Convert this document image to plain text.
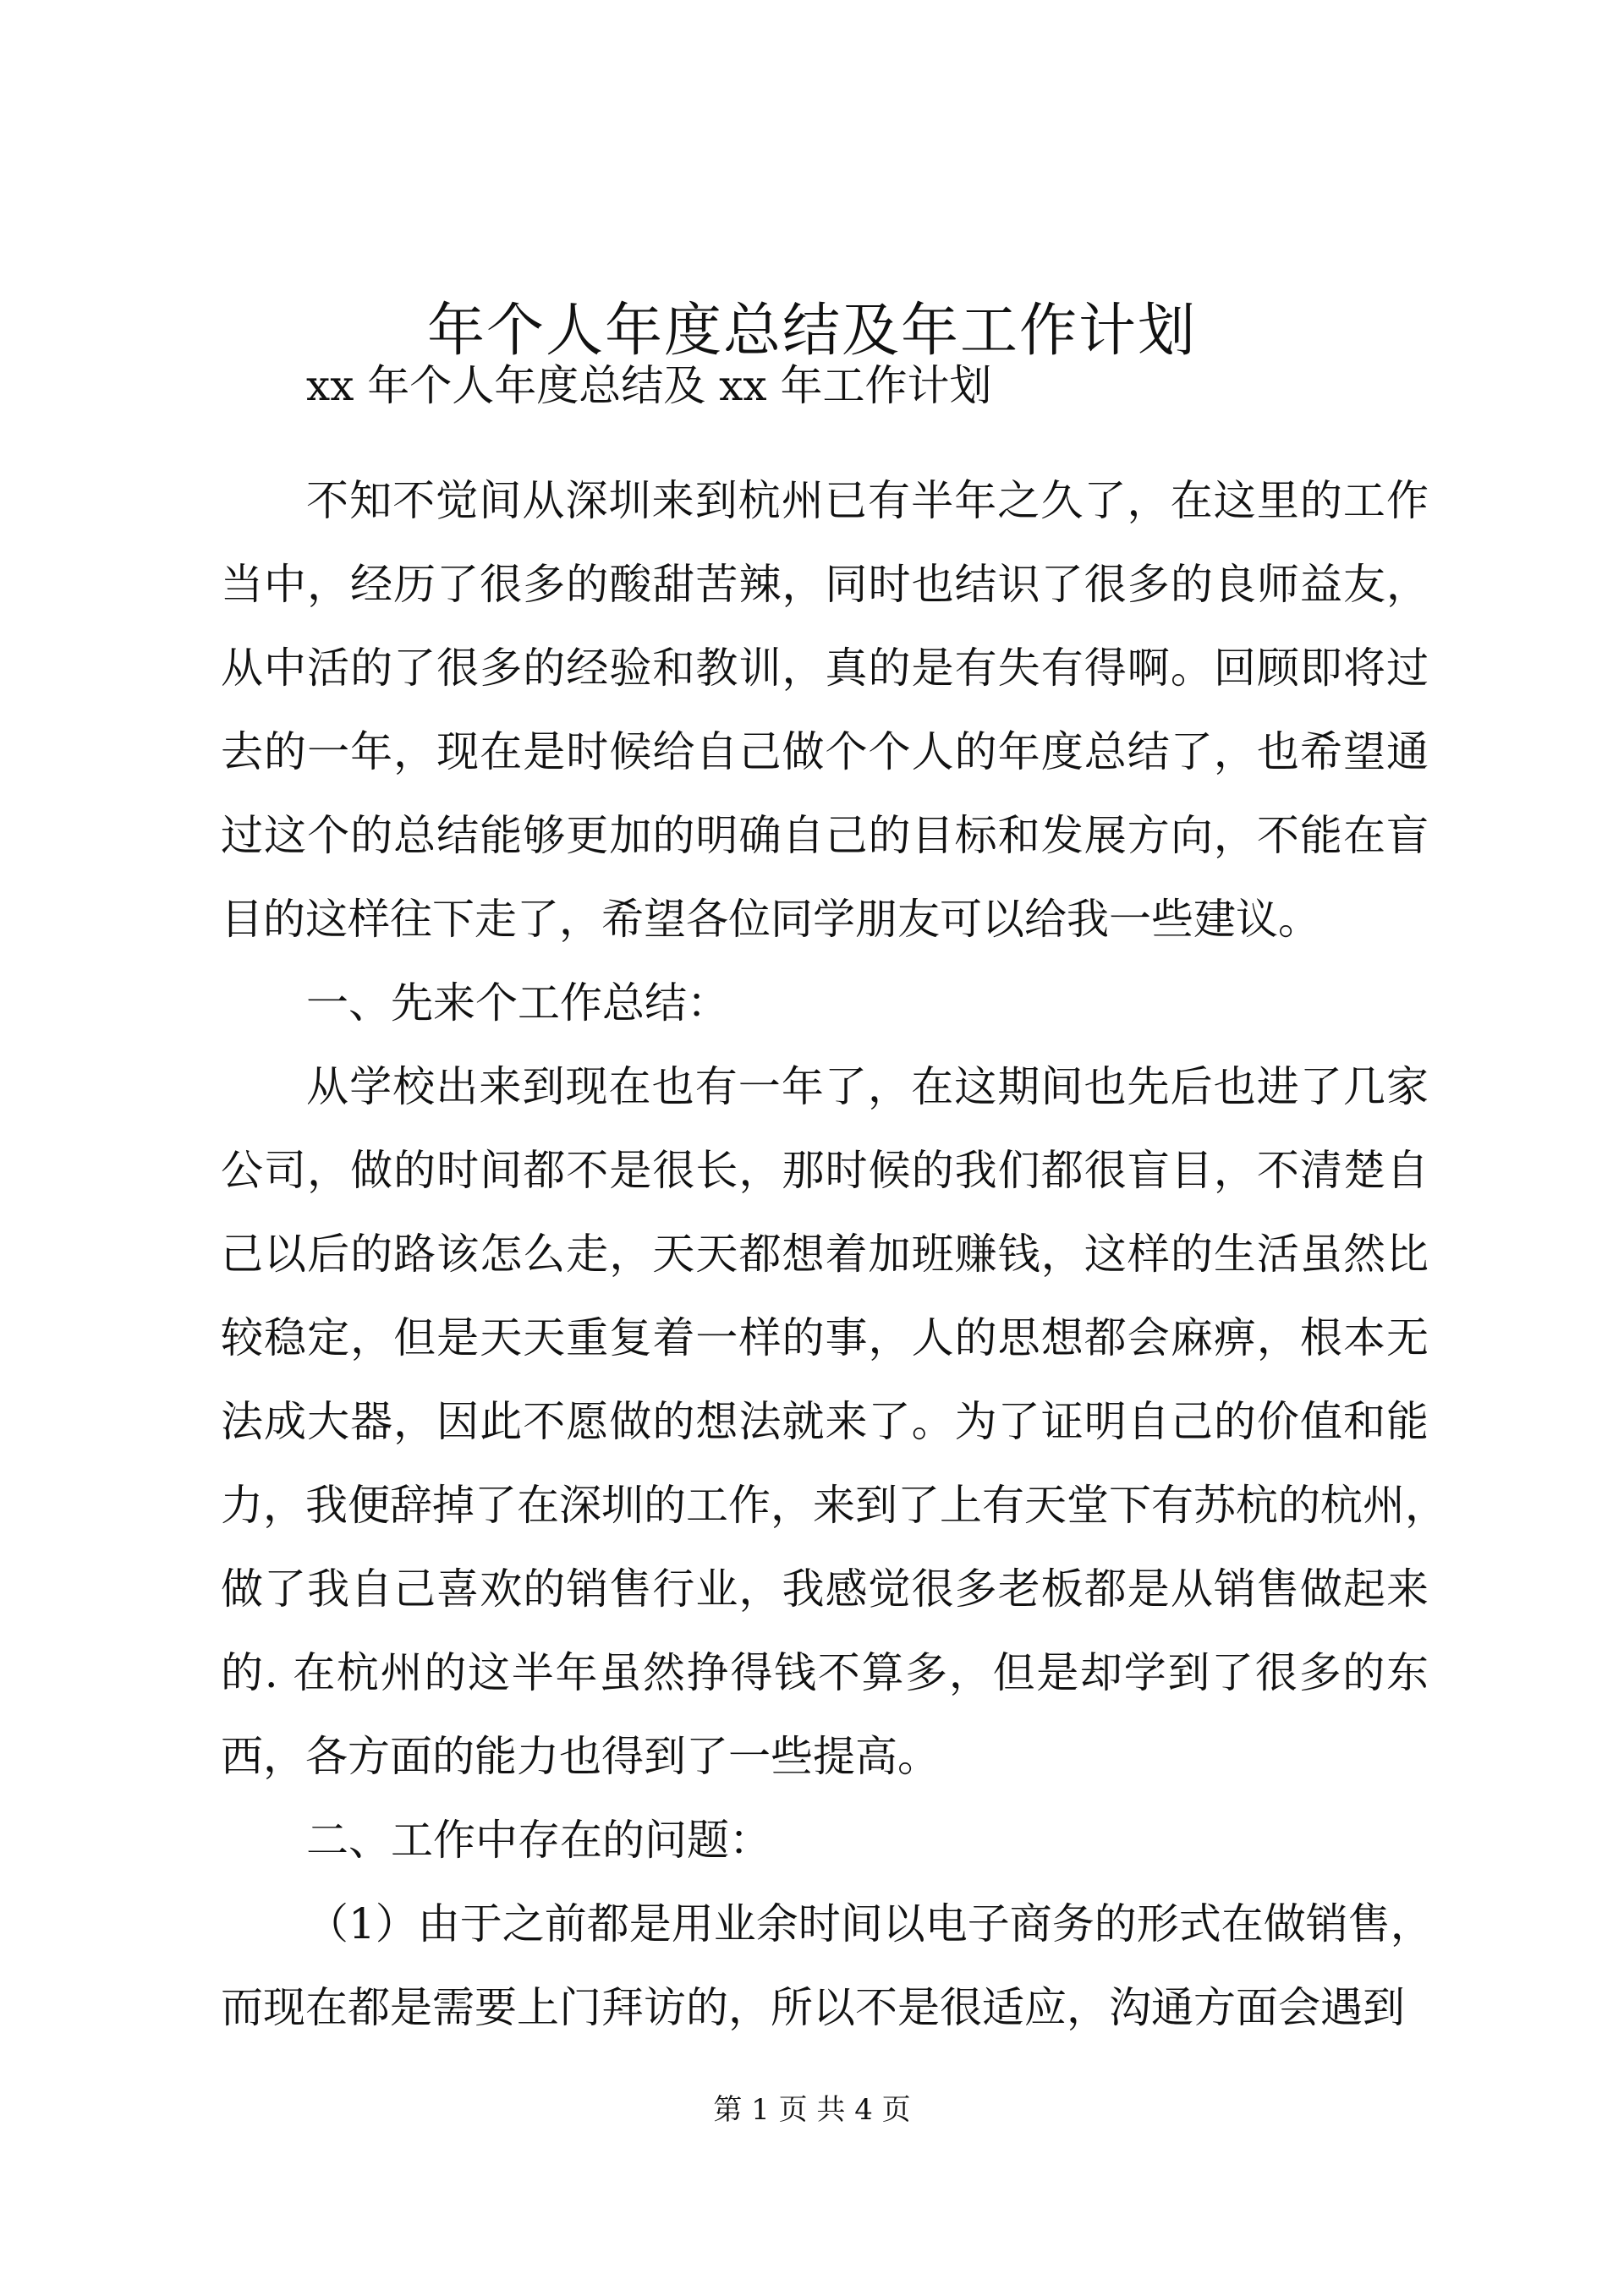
年个人年度总结及年工作计划
xx 年个人年度总结及 xx 年工作计划
不知不觉间从深圳来到杭州已有半年之久了，在这里的工作
当中，经历了很多的酸甜苦辣，同时也结识了很多的良师益友，
从中活的了很多的经验和教训，真的是有失有得啊。回顾即将过
去的一年，现在是时候给自己做个个人的年度总结了，也希望通
过这个的总结能够更加的明确自己的目标和发展方向，不能在盲
目的这样往下走了，希望各位同学朋友可以给我一些建议。
一、先来个工作总结：
从学校出来到现在也有一年了，在这期间也先后也进了几家
公司，做的时间都不是很长，那时候的我们都很盲目，不清楚自
己以后的路该怎么走，天天都想着加班赚钱，这样的生活虽然比
较稳定，但是天天重复着一样的事，人的思想都会麻痹，根本无
法成大器，因此不愿做的想法就来了。为了证明自己的价值和能
力，我便辞掉了在深圳的工作，来到了上有天堂下有苏杭的杭州，
做了我自己喜欢的销售行业，我感觉很多老板都是从销售做起来
的. 在杭州的这半年虽然挣得钱不算多，但是却学到了很多的东
西，各方面的能力也得到了一些提高。
二、工作中存在的问题：
（1）由于之前都是用业余时间以电子商务的形式在做销售，
而现在都是需要上门拜访的，所以不是很适应，沟通方面会遇到
第 1 页 共 4 页
